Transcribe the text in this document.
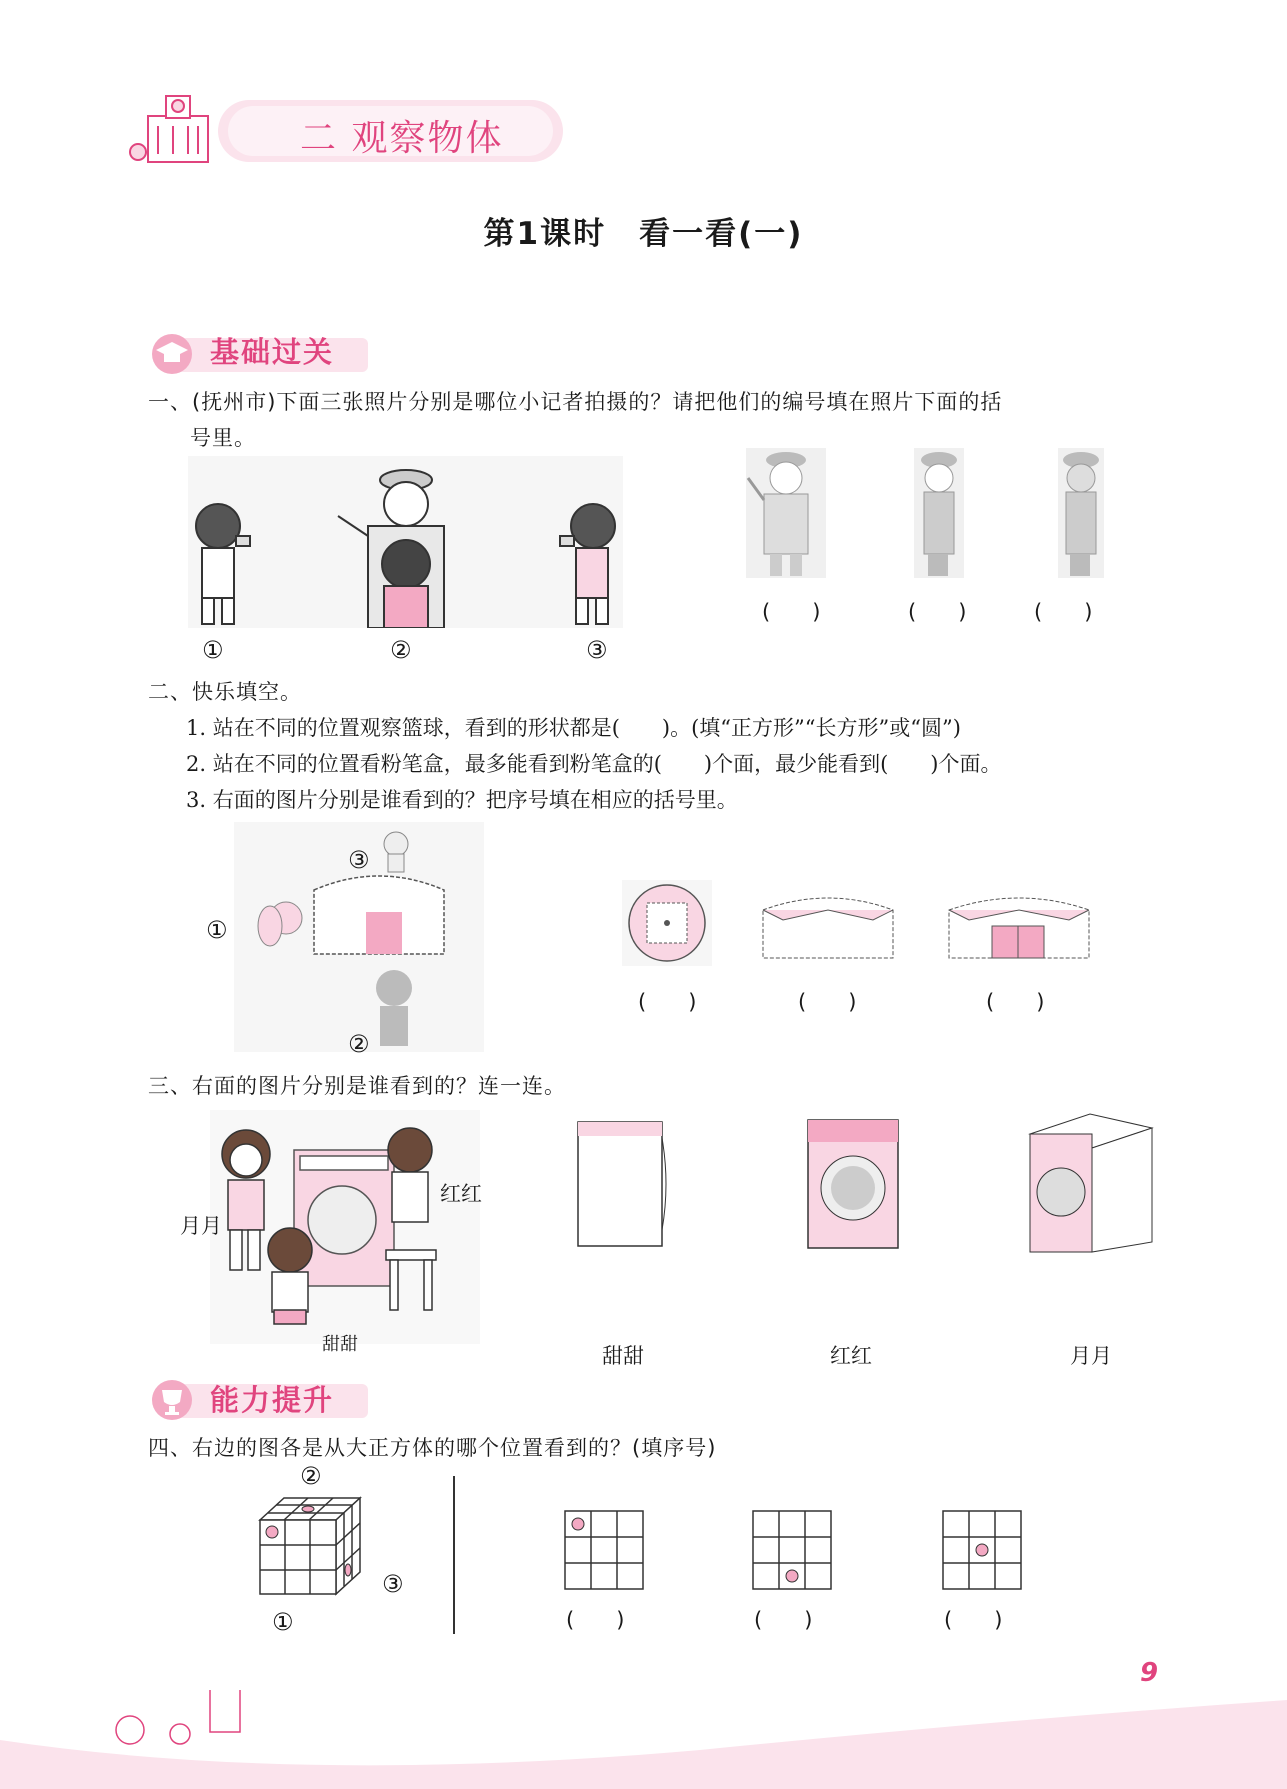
二 观察物体
第1课时　看一看(一)
基础过关
一、(抚州市)下面三张照片分别是哪位小记者拍摄的？请把他们的编号填在照片下面的括
号里。
①	②	③
(　　)	(　　)	(　　)
二、快乐填空。
1. 站在不同的位置观察篮球，看到的形状都是(　　)。(填“正方形”“长方形”或“圆”)
2. 站在不同的位置看粉笔盒，最多能看到粉笔盒的(　　)个面，最少能看到(　　)个面。
3. 右面的图片分别是谁看到的？把序号填在相应的括号里。
③
①
②
(　　)	(　　)	(　　)
三、右面的图片分别是谁看到的？连一连。
月月
红红
甜甜	甜甜	红红	月月
能力提升
四、右边的图各是从大正方体的哪个位置看到的？(填序号)
②
③
①	(　　)	(　　)	(　　)
9
